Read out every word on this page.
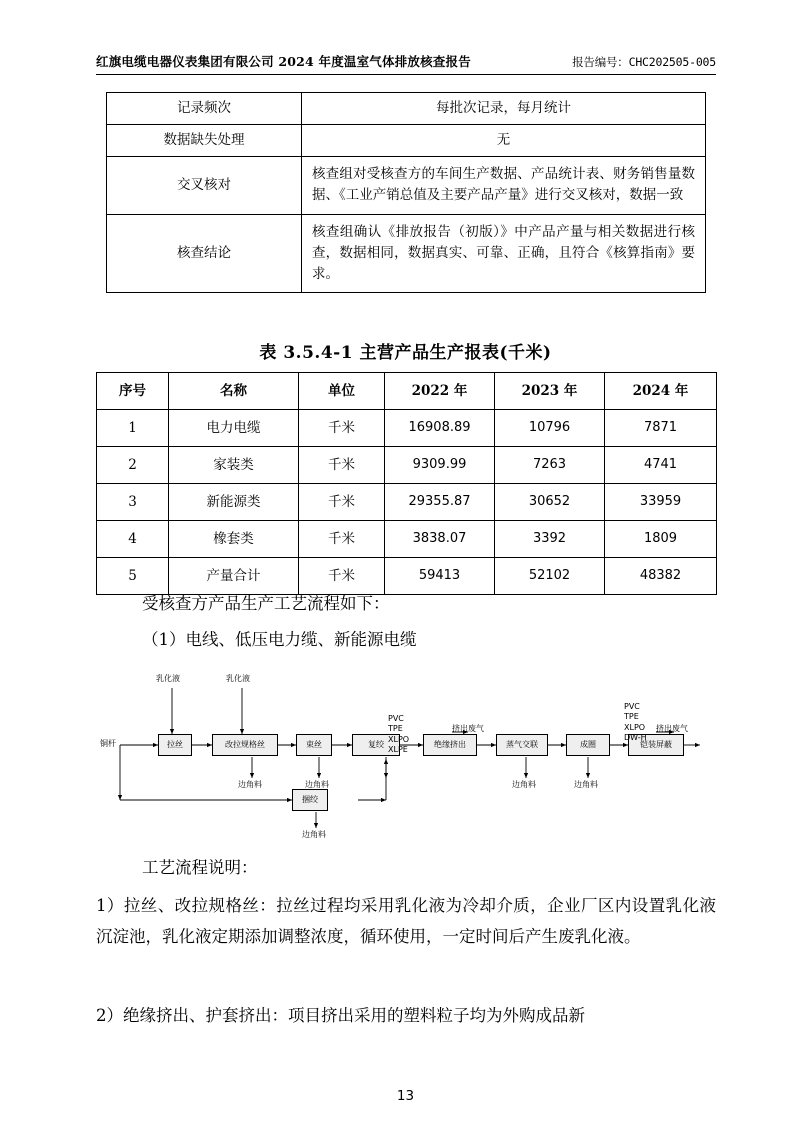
红旗电缆电器仪表集团有限公司 2024 年度温室气体排放核查报告	报告编号：CHC202505-005
记录频次	每批次记录，每月统计
数据缺失处理	无
交叉核对	核查组对受核查方的车间生产数据、产品统计表、财务销售量数据、《工业产销总值及主要产品产量》进行交叉核对，数据一致
核查结论	核查组确认《排放报告（初版）》中产品产量与相关数据进行核查，数据相同，数据真实、可靠、正确，且符合《核算指南》要求。
表 3.5.4-1 主营产品生产报表(千米)
序号	名称	单位	2022 年	2023 年	2024 年
1	电力电缆	千米	16908.89	10796	7871
2	家装类	千米	9309.99	7263	4741
3	新能源类	千米	29355.87	30652	33959
4	橡套类	千米	3838.07	3392	1809
5	产量合计	千米	59413	52102	48382
受核查方产品生产工艺流程如下：
（1）电线、低压电力缆、新能源电缆
乳化液	乳化液
铜杆	拉丝	改拉规格丝	束丝	复绞
捆绞
绝缘挤出	蒸气交联	成圈	铠装屏蔽
PVC
TPE
XLPO
XLPE
PVC
TPE
XLPO
DW-H
挤出废气	挤出废气
边角料	边角料
边角料
边角料	边角料
工艺流程说明：
1）拉丝、改拉规格丝：拉丝过程均采用乳化液为冷却介质，企业厂区内设置乳化液沉淀池，乳化液定期添加调整浓度，循环使用，一定时间后产生废乳化液。
2）绝缘挤出、护套挤出：项目挤出采用的塑料粒子均为外购成品新
13
